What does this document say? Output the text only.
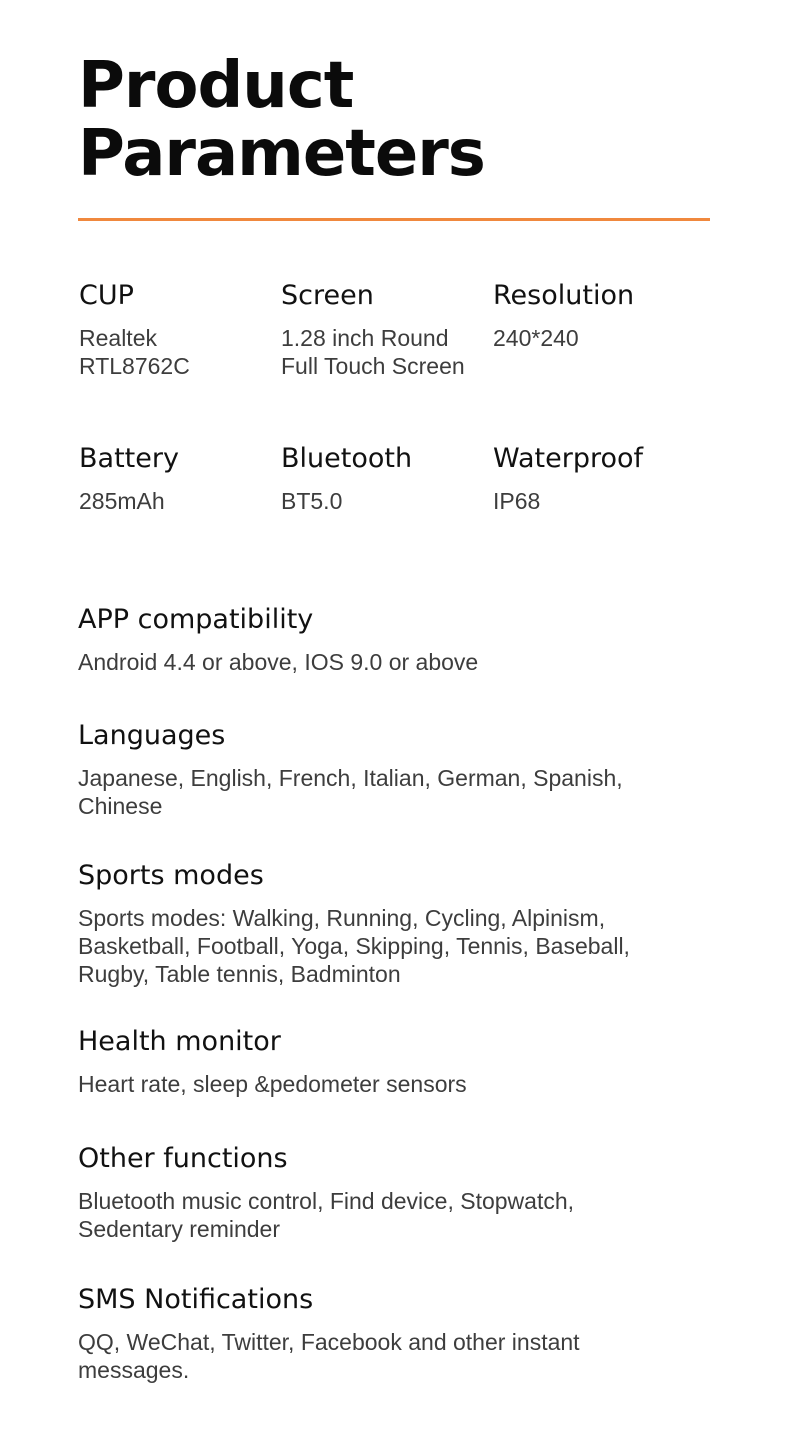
Product
Parameters
CUP
Realtek RTL8762C
Screen
1.28 inch Round Full Touch Screen
Resolution
240*240
Battery
285mAh
Bluetooth
BT5.0
Waterproof
IP68
APP compatibility
Android 4.4 or above, IOS 9.0 or above
Languages
Japanese, English, French, Italian, German, Spanish, Chinese
Sports modes
Sports modes: Walking, Running, Cycling, Alpinism, Basketball, Football, Yoga, Skipping, Tennis, Baseball, Rugby, Table tennis, Badminton
Health monitor
Heart rate, sleep &pedometer sensors
Other functions
Bluetooth music control, Find device, Stopwatch, Sedentary reminder
SMS Notifications
QQ, WeChat, Twitter, Facebook and other instant messages.
